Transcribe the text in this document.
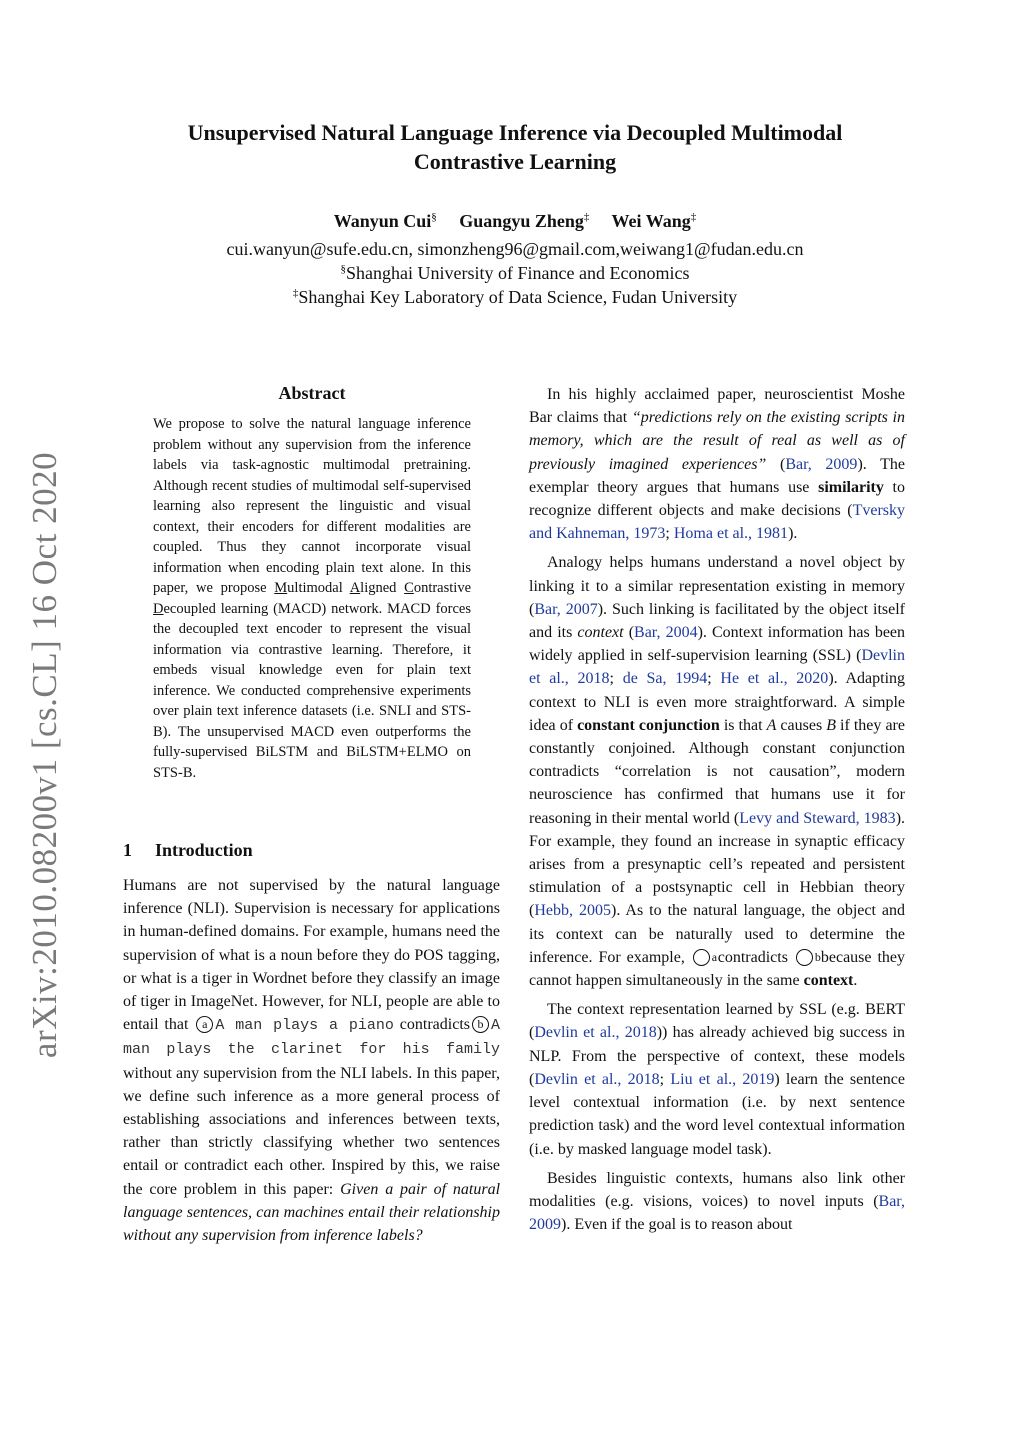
arXiv:2010.08200v1 [cs.CL] 16 Oct 2020
Unsupervised Natural Language Inference via Decoupled Multimodal
Contrastive Learning
Wanyun Cui§ Guangyu Zheng‡ Wei Wang‡
cui.wanyun@sufe.edu.cn, simonzheng96@gmail.com,weiwang1@fudan.edu.cn
§Shanghai University of Finance and Economics
‡Shanghai Key Laboratory of Data Science, Fudan University
Abstract

We propose to solve the natural language inference problem without any supervision from the inference labels via task-agnostic multimodal pretraining. Although recent studies of multimodal self-supervised learning also represent the linguistic and visual context, their encoders for different modalities are coupled. Thus they cannot incorporate visual information when encoding plain text alone. In this paper, we propose Multimodal Aligned Contrastive Decoupled learning (MACD) network. MACD forces the decoupled text encoder to represent the visual information via contrastive learning. Therefore, it embeds visual knowledge even for plain text inference. We conducted comprehensive experiments over plain text inference datasets (i.e. SNLI and STS-B). The unsupervised MACD even outperforms the fully-supervised BiLSTM and BiLSTM+ELMO on STS-B.

1 Introduction

Humans are not supervised by the natural language inference (NLI). Supervision is necessary for applications in human-defined domains. For example, humans need the supervision of what is a noun before they do POS tagging, or what is a tiger in Wordnet before they classify an image of tiger in ImageNet. However, for NLI, people are able to entail that a A man plays a piano contradicts b A man plays the clarinet for his family without any supervision from the NLI labels. In this paper, we define such inference as a more general process of establishing associations and inferences between texts, rather than strictly classifying whether two sentences entail or contradict each other. Inspired by this, we raise the core problem in this paper: Given a pair of natural language sentences, can machines entail their relationship without any supervision from inference labels?

In his highly acclaimed paper, neuroscientist Moshe Bar claims that “predictions rely on the existing scripts in memory, which are the result of real as well as of previously imagined experiences” (Bar, 2009). The exemplar theory argues that humans use similarity to recognize different objects and make decisions (Tversky and Kahneman, 1973; Homa et al., 1981).

Analogy helps humans understand a novel object by linking it to a similar representation existing in memory (Bar, 2007). Such linking is facilitated by the object itself and its context (Bar, 2004). Context information has been widely applied in self-supervision learning (SSL) (Devlin et al., 2018; de Sa, 1994; He et al., 2020). Adapting context to NLI is even more straightforward. A simple idea of constant conjunction is that A causes B if they are constantly conjoined. Although constant conjunction contradicts “correlation is not causation”, modern neuroscience has confirmed that humans use it for reasoning in their mental world (Levy and Steward, 1983). For example, they found an increase in synaptic efficacy arises from a presynaptic cell’s repeated and persistent stimulation of a postsynaptic cell in Hebbian theory (Hebb, 2005). As to the natural language, the object and its context can be naturally used to determine the inference. For example, a contradicts b because they cannot happen simultaneously in the same context.

The context representation learned by SSL (e.g. BERT (Devlin et al., 2018)) has already achieved big success in NLP. From the perspective of context, these models (Devlin et al., 2018; Liu et al., 2019) learn the sentence level contextual information (i.e. by next sentence prediction task) and the word level contextual information (i.e. by masked language model task).

Besides linguistic contexts, humans also link other modalities (e.g. visions, voices) to novel inputs (Bar, 2009). Even if the goal is to reason about
